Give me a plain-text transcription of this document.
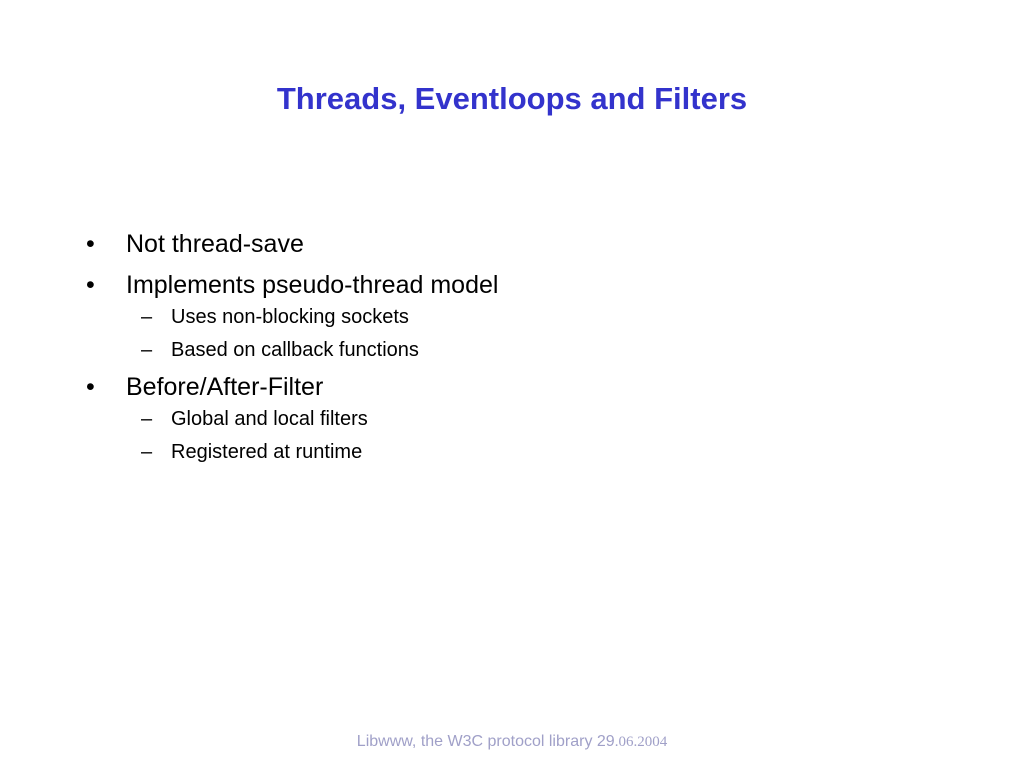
Threads, Eventloops and Filters
•	Not thread-save
•	Implements pseudo-thread model
– Uses non-blocking sockets
– Based on callback functions
•	Before/After-Filter
– Global and local filters
– Registered at runtime
Libwww, the W3C protocol library 29.06.2004
